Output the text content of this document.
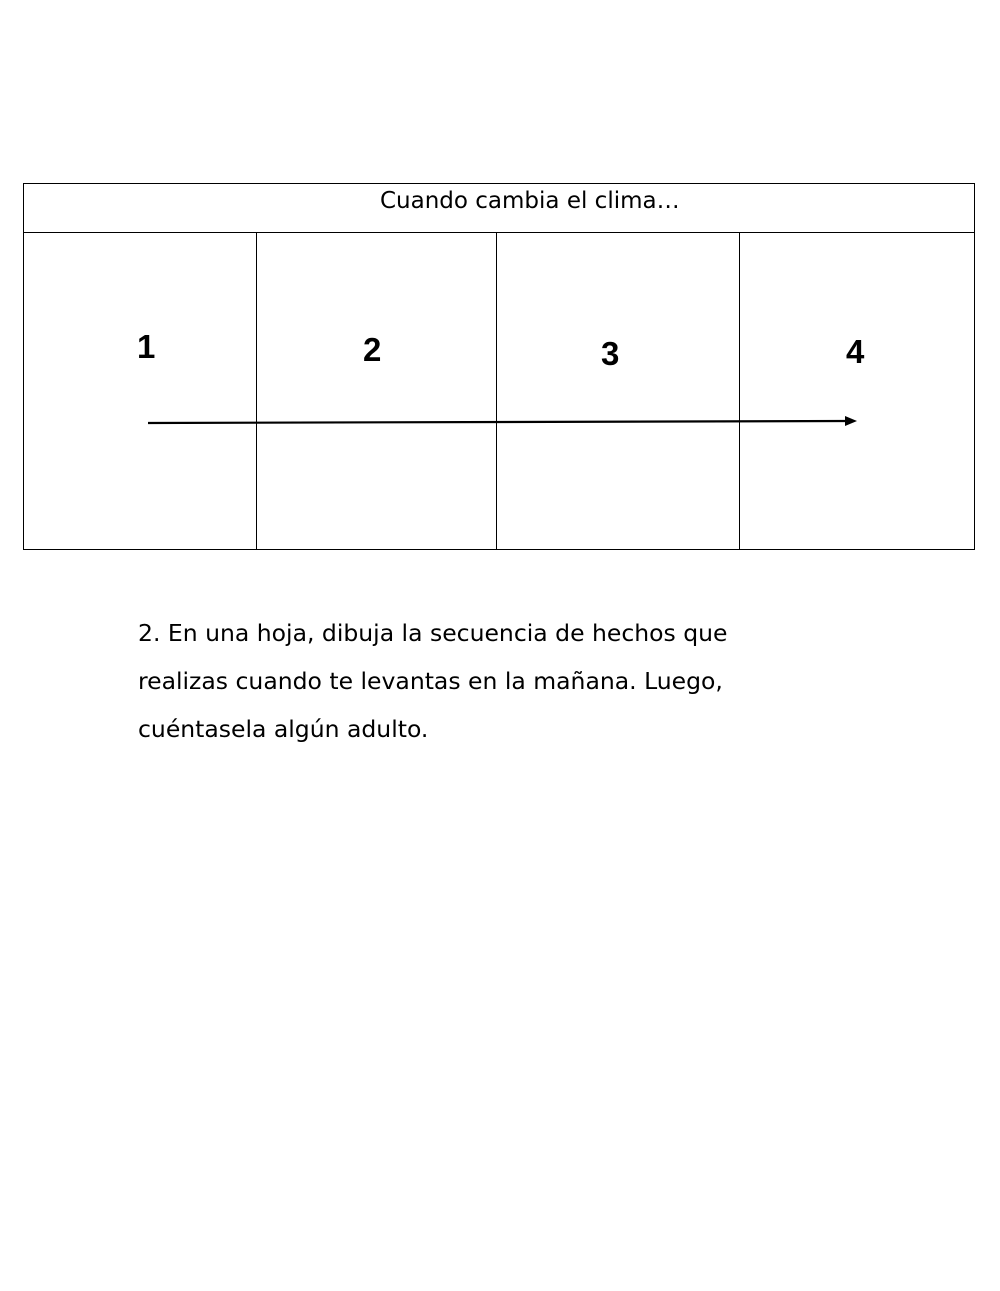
Cuando cambia el clima…
1	2	3	4

2. En una hoja, dibuja la secuencia de hechos que

realizas cuando te levantas en la mañana. Luego,

cuéntasela algún adulto.
